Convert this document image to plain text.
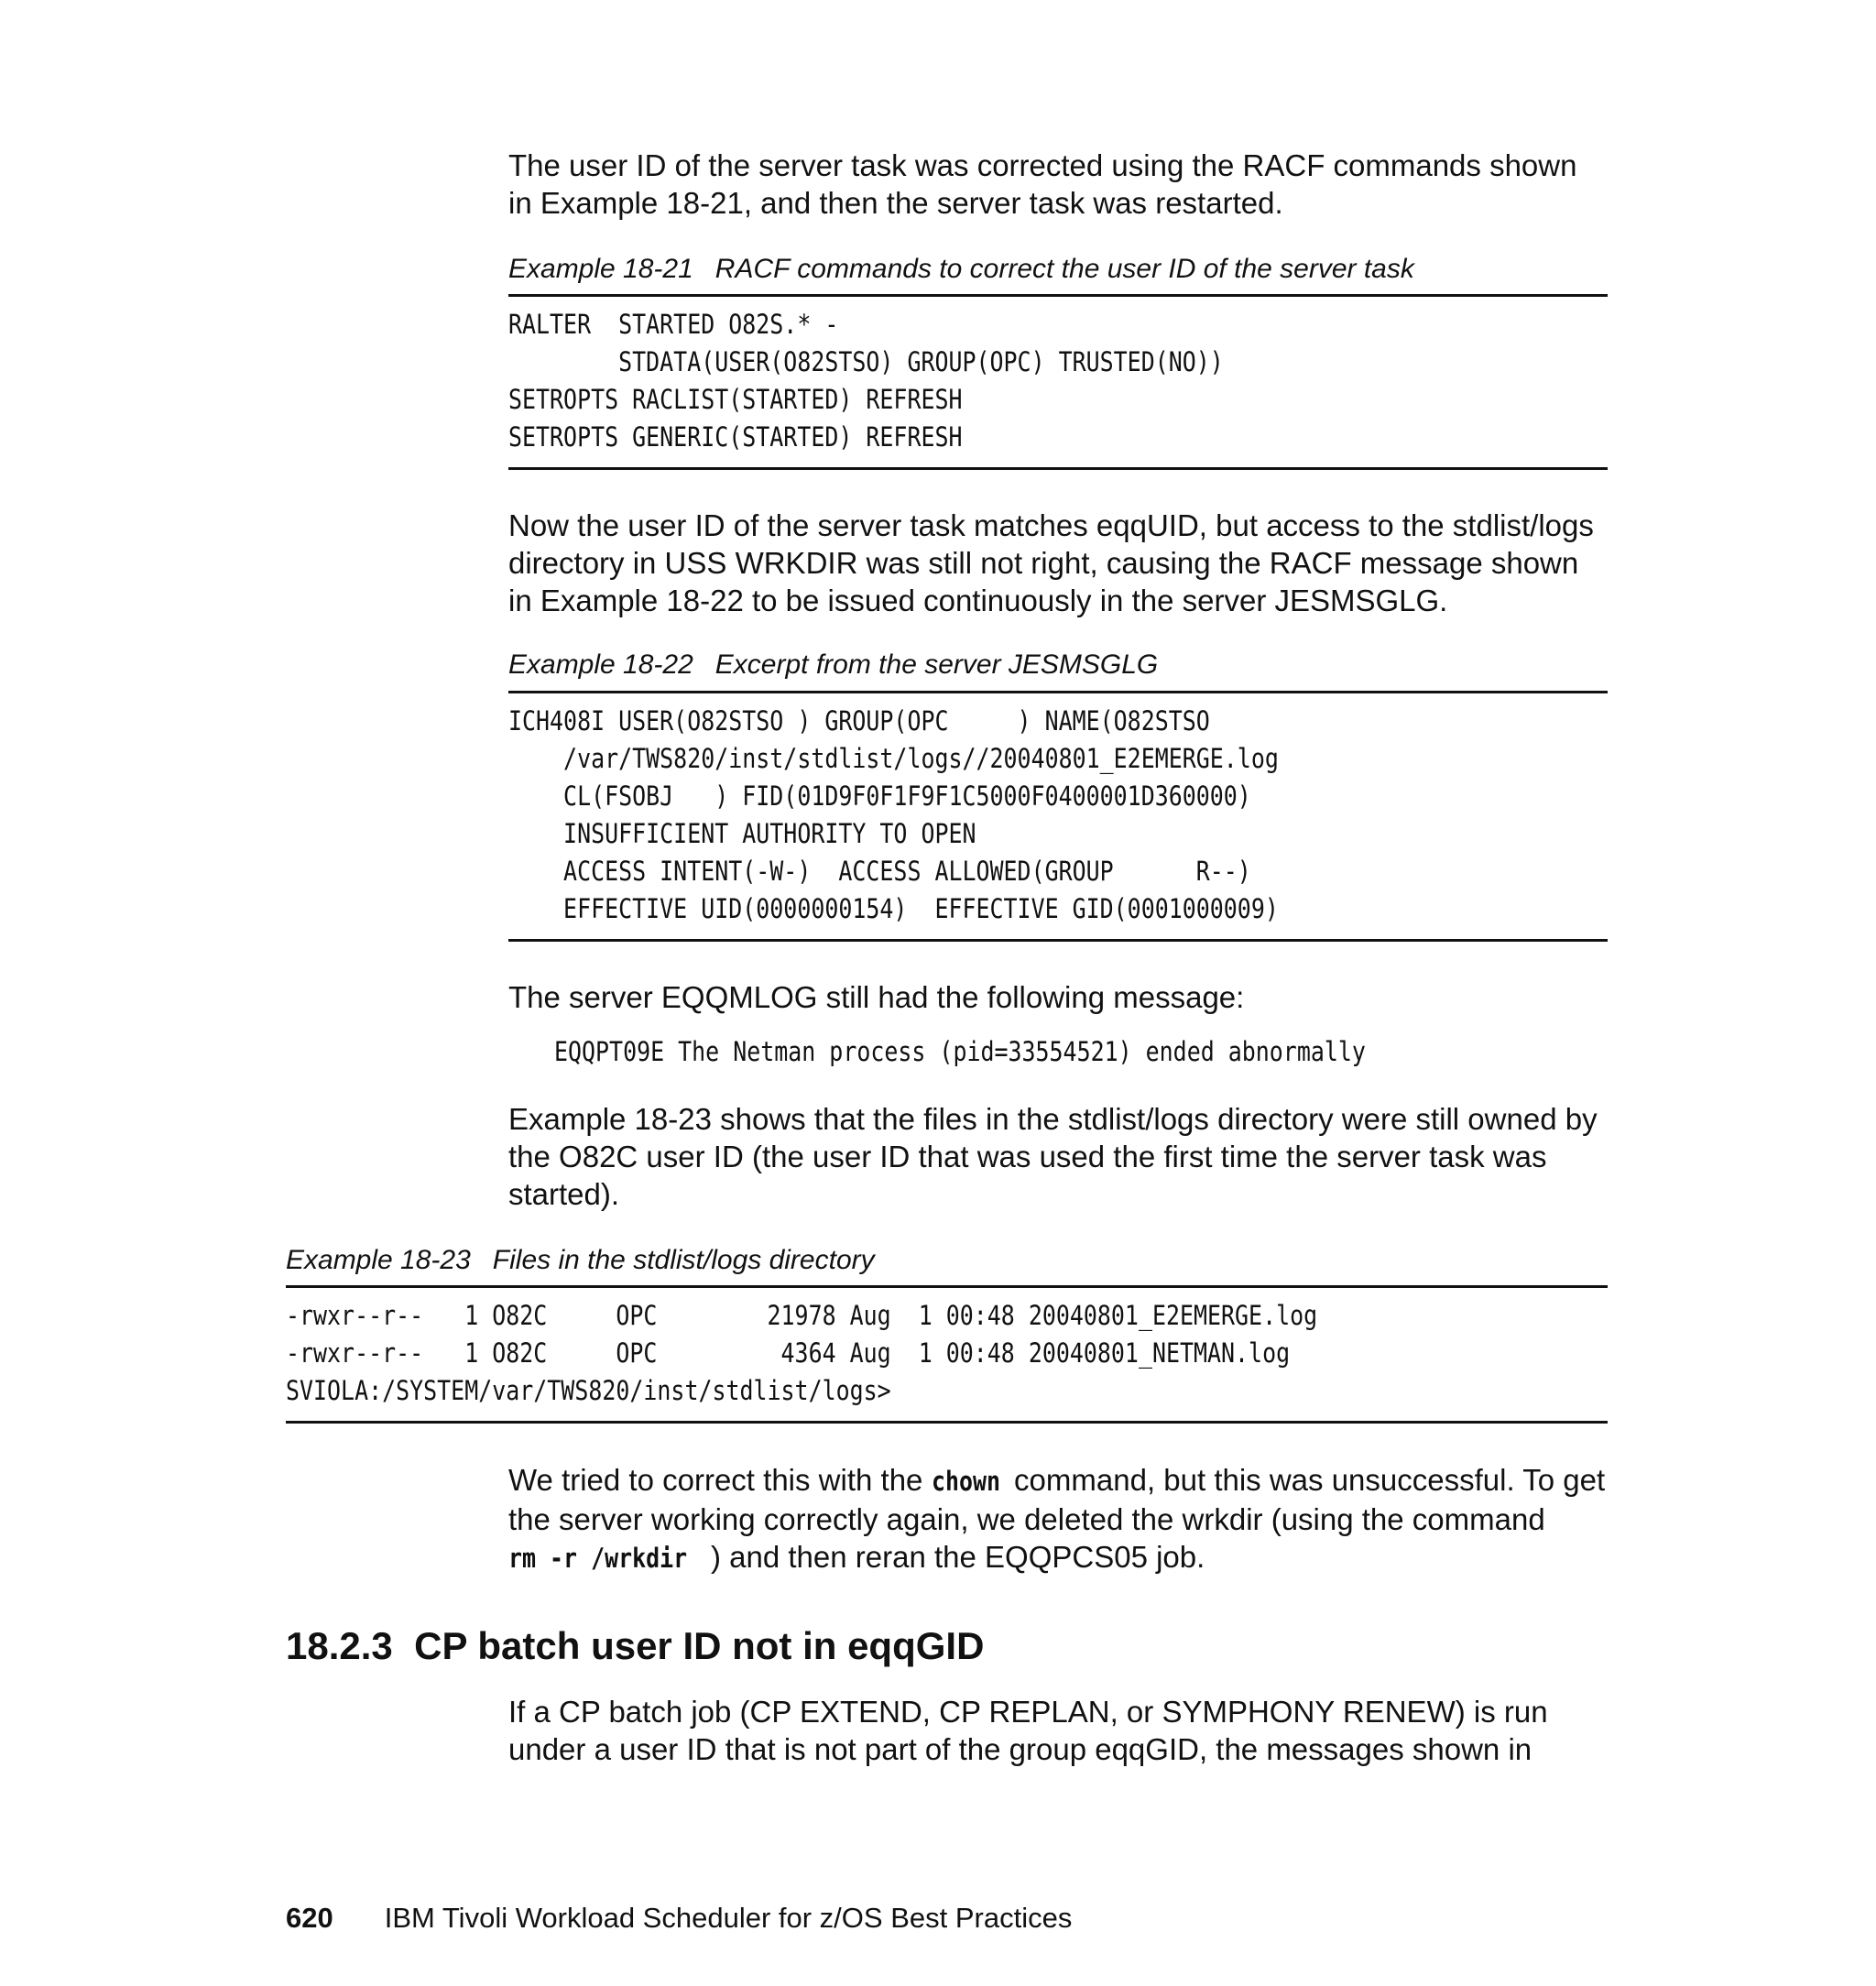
The user ID of the server task was corrected using the RACF commands shown in Example 18-21, and then the server task was restarted.

Example 18-21 RACF commands to correct the user ID of the server task
RALTER  STARTED O82S.* -
STDATA(USER(O82STSO) GROUP(OPC) TRUSTED(NO))
SETROPTS RACLIST(STARTED) REFRESH
SETROPTS GENERIC(STARTED) REFRESH

Now the user ID of the server task matches eqqUID, but access to the stdlist/logs directory in USS WRKDIR was still not right, causing the RACF message shown in Example 18-22 to be issued continuously in the server JESMSGLG.

Example 18-22 Excerpt from the server JESMSGLG
ICH408I USER(O82STSO ) GROUP(OPC     ) NAME(O82STSO
/var/TWS820/inst/stdlist/logs//20040801_E2EMERGE.log
CL(FSOBJ   ) FID(01D9F0F1F9F1C5000F0400001D360000)
INSUFFICIENT AUTHORITY TO OPEN
ACCESS INTENT(-W-)  ACCESS ALLOWED(GROUP      R--)
EFFECTIVE UID(0000000154)  EFFECTIVE GID(0001000009)

The server EQQMLOG still had the following message:

EQQPT09E The Netman process (pid=33554521) ended abnormally

Example 18-23 shows that the files in the stdlist/logs directory were still owned by the O82C user ID (the user ID that was used the first time the server task was started).

Example 18-23 Files in the stdlist/logs directory
-rwxr--r--   1 O82C     OPC        21978 Aug  1 00:48 20040801_E2EMERGE.log
-rwxr--r--   1 O82C     OPC         4364 Aug  1 00:48 20040801_NETMAN.log
SVIOLA:/SYSTEM/var/TWS820/inst/stdlist/logs>

We tried to correct this with the chown command, but this was unsuccessful. To get the server working correctly again, we deleted the wrkdir (using the command rm -r /wrkdir ) and then reran the EQQPCS05 job.

18.2.3 CP batch user ID not in eqqGID

If a CP batch job (CP EXTEND, CP REPLAN, or SYMPHONY RENEW) is run under a user ID that is not part of the group eqqGID, the messages shown in

620 IBM Tivoli Workload Scheduler for z/OS Best Practices
